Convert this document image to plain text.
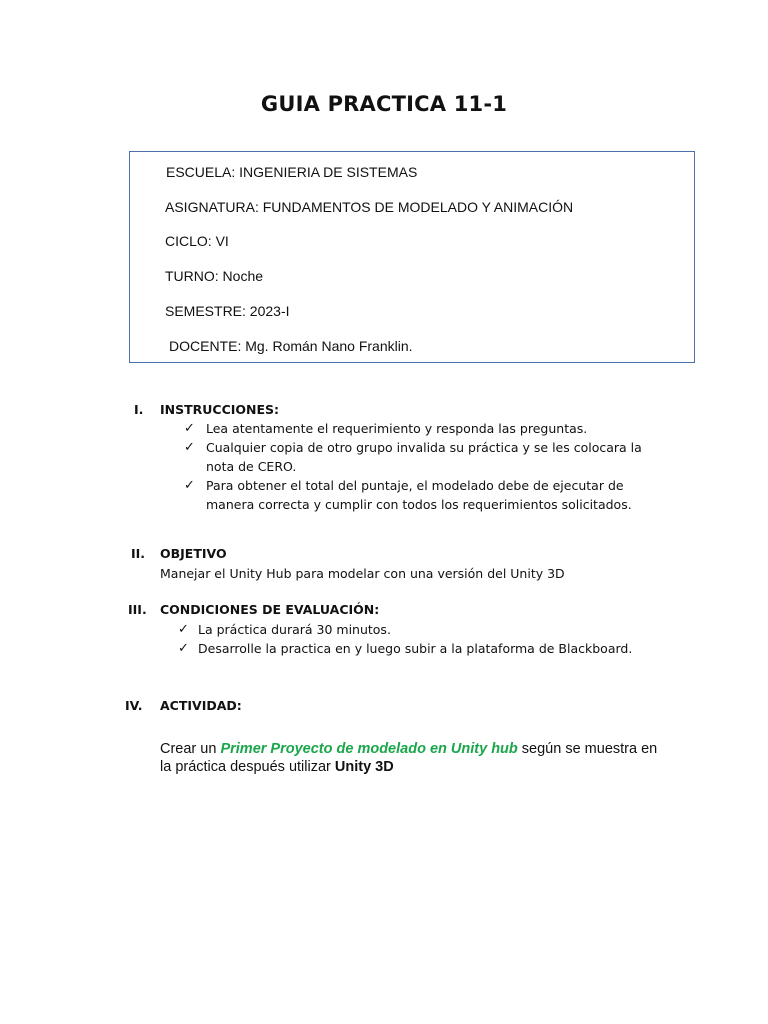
GUIA PRACTICA 11-1
ESCUELA: INGENIERIA DE SISTEMAS
ASIGNATURA: FUNDAMENTOS DE MODELADO Y ANIMACIÓN
CICLO: VI
TURNO: Noche
SEMESTRE: 2023-I
DOCENTE: Mg. Román Nano Franklin.
I. INSTRUCCIONES:
✓ Lea atentamente el requerimiento y responda las preguntas.
✓ Cualquier copia de otro grupo invalida su práctica y se les colocara la nota de CERO.
✓ Para obtener el total del puntaje, el modelado debe de ejecutar de manera correcta y cumplir con todos los requerimientos solicitados.
II. OBJETIVO
Manejar el Unity Hub para modelar con una versión del Unity 3D
III. CONDICIONES DE EVALUACIÓN:
✓ La práctica durará 30 minutos.
✓ Desarrolle la practica en y luego subir a la plataforma de Blackboard.
IV. ACTIVIDAD:
Crear un Primer Proyecto de modelado en Unity hub según se muestra en la práctica después utilizar Unity 3D
